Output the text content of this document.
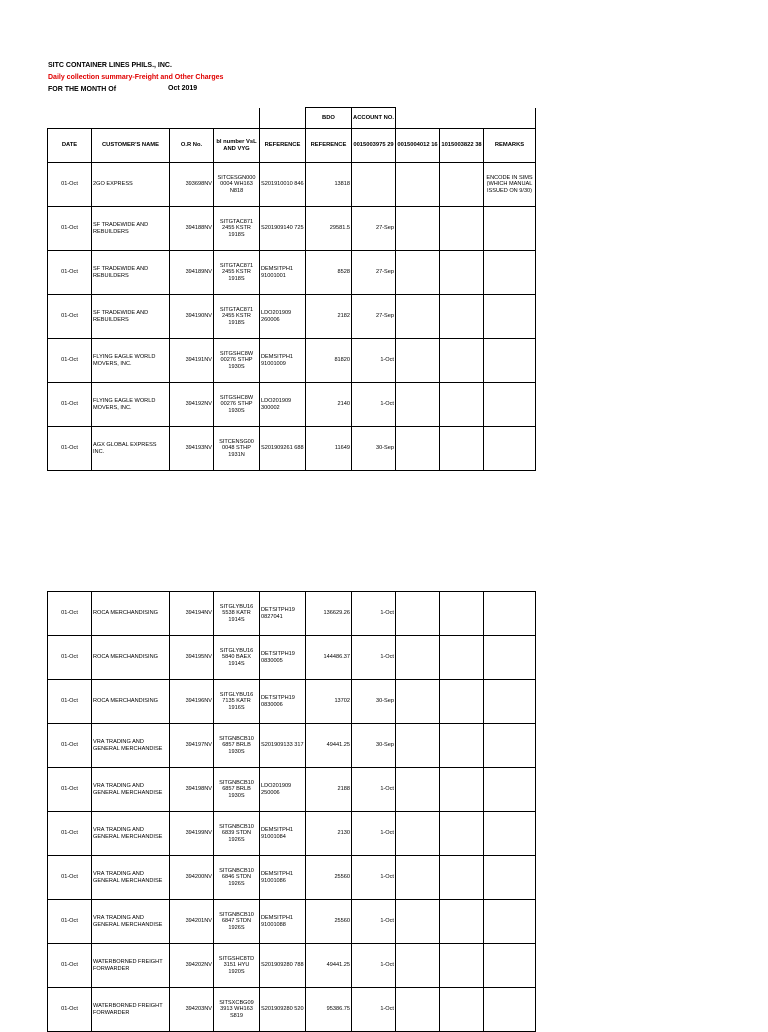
SITC CONTAINER LINES PHILS., INC.
Daily collection summary-Freight and Other Charges
FOR THE MONTH Of	Oct 2019
					BDO	ACCOUNT NO.			
DATE	CUSTOMER'S NAME	O.R No.	bl number VsL AND VYG	REFERENCE	REFERENCE	0015003975 29	0015004012 16	1015003822 38	REMARKS
01-Oct	2GO EXPRESS	393698NV	SITCESGN000 0004 WH163 N818	S201910010 846	13818				ENCODE IN SIMS (WHICH MANUAL ISSUED ON 9/30)
01-Oct	SF TRADEWIDE AND REBUILDERS	394188NV	SITGTAC871 2455 KSTR 1918S	S201909140 725	29581.5	27-Sep			
01-Oct	SF TRADEWIDE AND REBUILDERS	394189NV	SITGTAC871 2455 KSTR 1918S	DEMSITPH1 91001001	8528	27-Sep			
01-Oct	SF TRADEWIDE AND REBUILDERS	394190NV	SITGTAC871 2455 KSTR 1918S	LDO201909 260006	2182	27-Sep			
01-Oct	FLYING EAGLE WORLD MOVERS, INC.	394191NV	SITGSHC8W 00276 STHP 1930S	DEMSITPH1 91001009	81820	1-Oct			
01-Oct	FLYING EAGLE WORLD MOVERS, INC.	394192NV	SITGSHC8W 00276 STHP 1930S	LDO201909 300002	2140	1-Oct			
01-Oct	AGX GLOBAL EXPRESS INC.	394193NV	SITCENSG00 0048 STHP 1931N	S201909261 688	11649	30-Sep			
01-Oct	ROCA MERCHANDISING	394194NV	SITGLYBU16 5538 KATR 1914S	DETSITPH19 0827041	136629.26	1-Oct			
01-Oct	ROCA MERCHANDISING	394195NV	SITGLYBU16 5840 BAEX 1914S	DETSITPH19 0830005	144486.37	1-Oct			
01-Oct	ROCA MERCHANDISING	394196NV	SITGLYBU16 7135 KATR 1916S	DETSITPH19 0830006	13702	30-Sep			
01-Oct	VRA TRADING AND GENERAL MERCHANDISE	394197NV	SITGNBCB10 6857 BRLB 1930S	S201909133 317	49441.25	30-Sep			
01-Oct	VRA TRADING AND GENERAL MERCHANDISE	394198NV	SITGNBCB10 6857 BRLB 1930S	LDO201909 250006	2188	1-Oct			
01-Oct	VRA TRADING AND GENERAL MERCHANDISE	394199NV	SITGNBCB10 6839 STDN 1926S	DEMSITPH1 91001084	2130	1-Oct			
01-Oct	VRA TRADING AND GENERAL MERCHANDISE	394200NV	SITGNBCB10 6846 STDN 1926S	DEMSITPH1 91001086	25560	1-Oct			
01-Oct	VRA TRADING AND GENERAL MERCHANDISE	394201NV	SITGNBCB10 6847 STDN 1926S	DEMSITPH1 91001088	25560	1-Oct			
01-Oct	WATERBORNED FREIGHT FORWARDER	394202NV	SITGSHC8TD 3151 HYU 1920S	S201909280 788	49441.25	1-Oct			
01-Oct	WATERBORNED FREIGHT FORWARDER	394203NV	SITSXCBG09 3913 WH163 S819	S201909280 520	95386.75	1-Oct			
